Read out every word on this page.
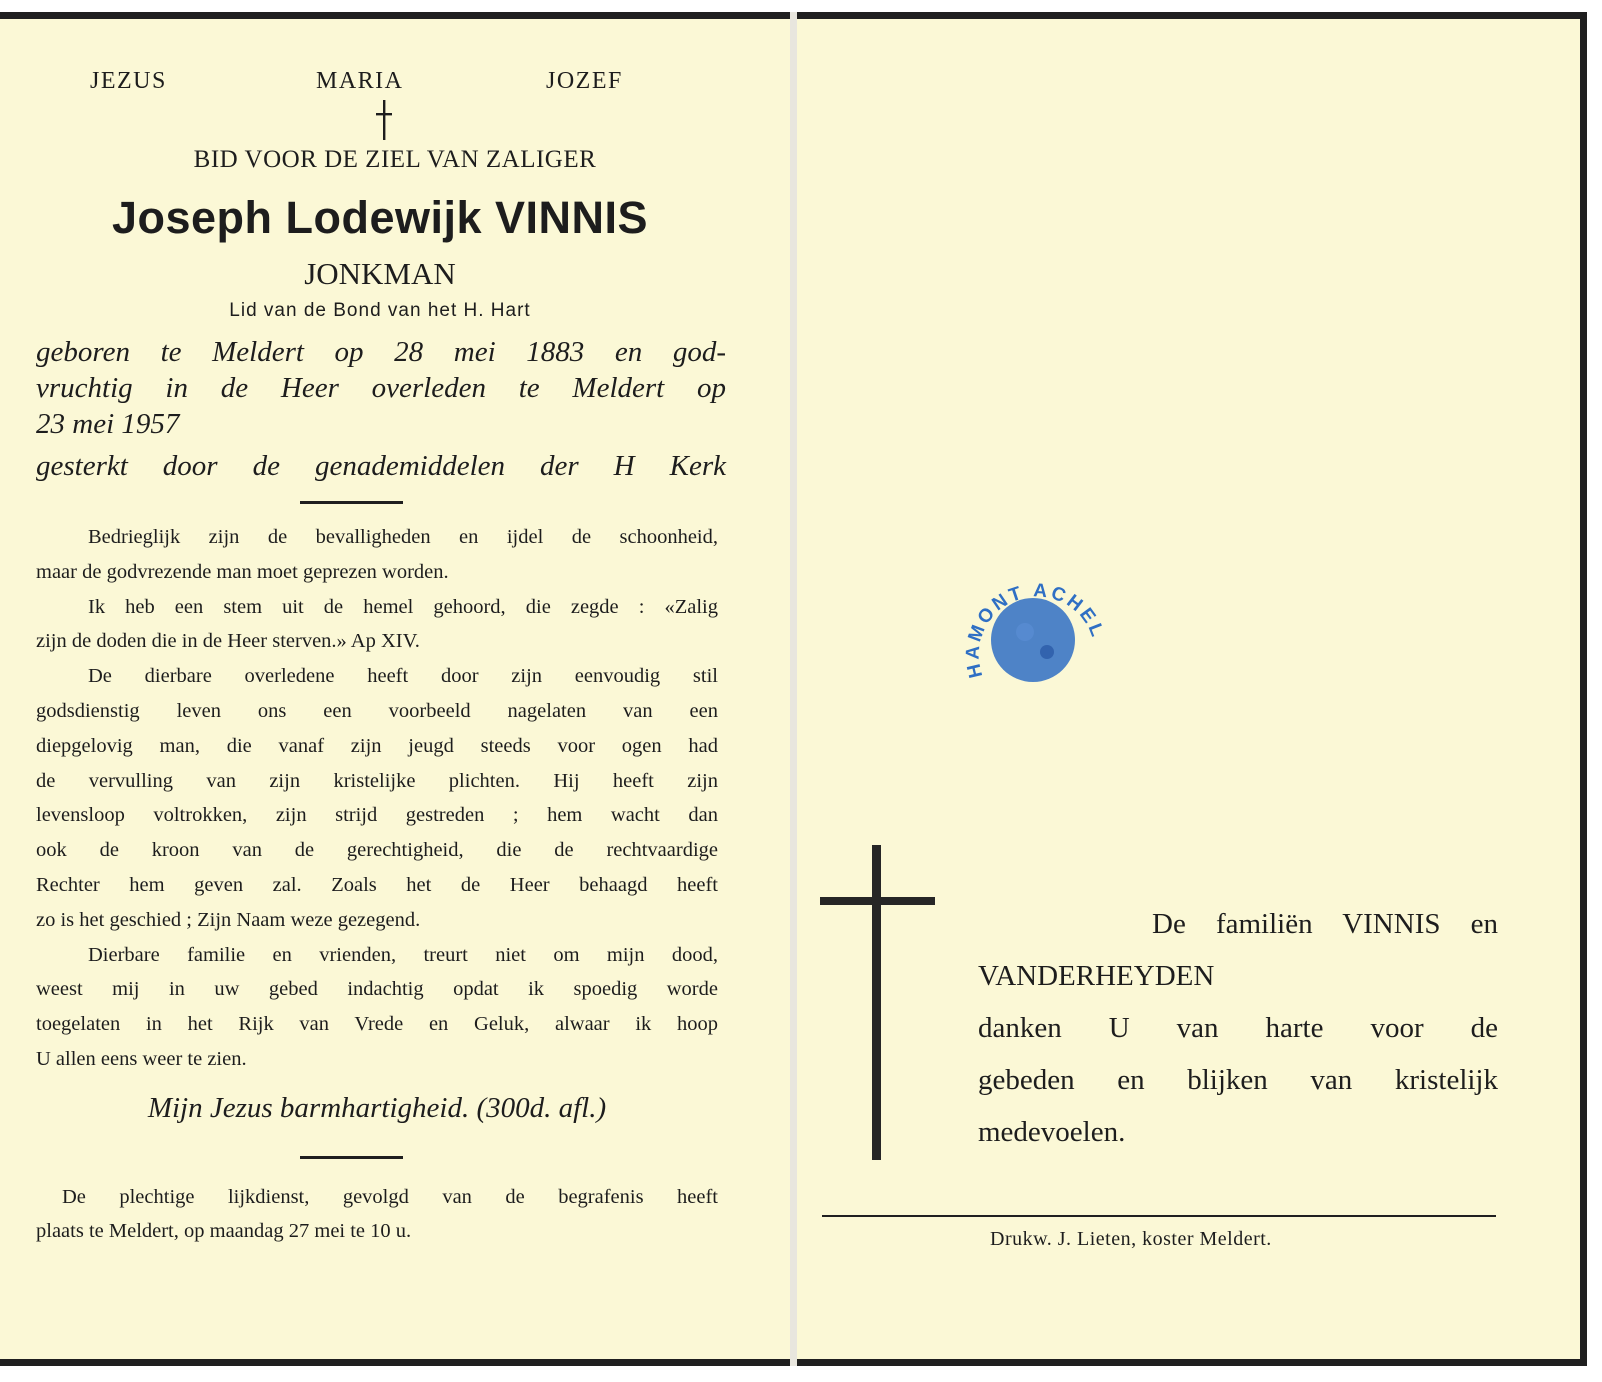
JEZUS	MARIA	JOZEF
BID VOOR DE ZIEL VAN ZALIGER
Joseph Lodewijk VINNIS
JONKMAN
Lid van de Bond van het H. Hart
geboren te Meldert op 28 mei 1883 en god-
vruchtig in de Heer overleden te Meldert op
23 mei 1957
gesterkt door de genademiddelen der H Kerk
Bedrieglijk zijn de bevalligheden en ijdel de schoonheid,
maar de godvrezende man moet geprezen worden.
Ik heb een stem uit de hemel gehoord, die zegde : «Zalig
zijn de doden die in de Heer sterven.» Ap XIV.
De dierbare overledene heeft door zijn eenvoudig stil
godsdienstig leven ons een voorbeeld nagelaten van een
diepgelovig man, die vanaf zijn jeugd steeds voor ogen had
de vervulling van zijn kristelijke plichten. Hij heeft zijn
levensloop voltrokken, zijn strijd gestreden ; hem wacht dan
ook de kroon van de gerechtigheid, die de rechtvaardige
Rechter hem geven zal. Zoals het de Heer behaagd heeft
zo is het geschied ; Zijn Naam weze gezegend.
Dierbare familie en vrienden, treurt niet om mijn dood,
weest mij in uw gebed indachtig opdat ik spoedig worde
toegelaten in het Rijk van Vrede en Geluk, alwaar ik hoop
U allen eens weer te zien.
Mijn Jezus barmhartigheid. (300d. afl.)
De plechtige lijkdienst, gevolgd van de begrafenis heeft
plaats te Meldert, op maandag 27 mei te 10 u.
HAMONT ACHEL
De familiën VINNIS en
VANDERHEYDEN
danken U van harte voor de
gebeden en blijken van kristelijk
medevoelen.
Drukw. J. Lieten, koster Meldert.
